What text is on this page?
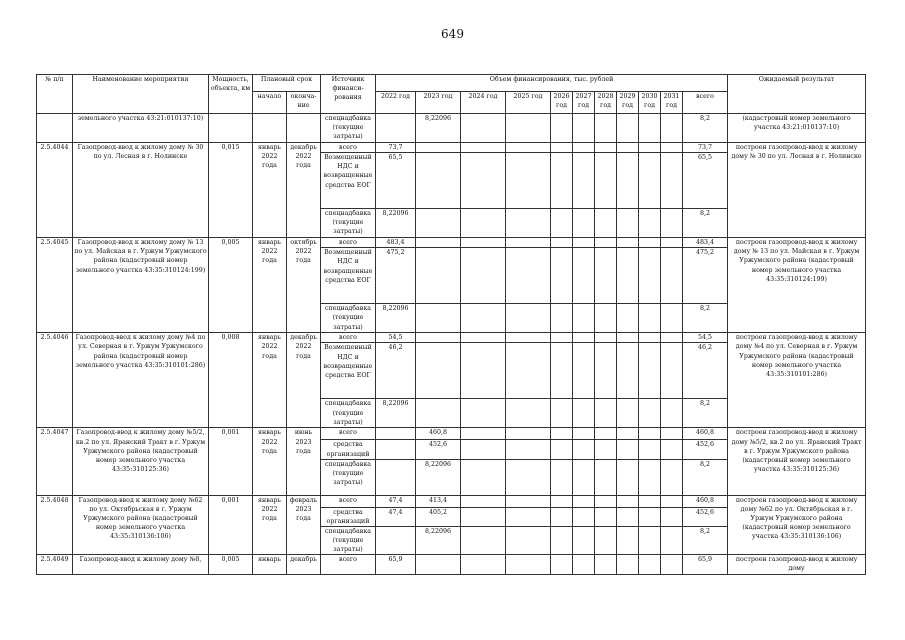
649
№ п/п	Наименование мероприятия	Мощность, объекта, км	Плановый срок		Источник финанси-рования	Объем финансирования, тыс. рублей											Ожидаемый результат
			начало	оконча-ние		2022 год	2023 год	2024 год	2025 год	2026 год	2027 год	2028 год	2029 год	2030 год	2031 год	всего	
	земельного участка 43:21:010137:10)				спецнадбавка (текущие затраты)		8,22096									8,2	(кадастровый номер земельного участка 43:21:010137:10)
2.5.4044	Газопровод-ввод к жилому дому № 30 по ул. Лесная в г. Нолинске	0,015	январь 2022 года	декабрь 2022 года	всего	73,7										73,7	построен газопровод-ввод к жилому дому № 30 по ул. Лесная в г. Нолинске
					Возмещенный НДС и возвращенные средства ЕОГ	65,5										65,5	
					спецнадбавка (текущие затраты)	8,22096										8,2	
2.5.4045	Газопровод-ввод к жилому дому № 13 по ул. Майская в г. Уржум Уржумского района (кадастровый номер земельного участка 43:35:310124:199)	0,005	январь 2022 года	октябрь 2022 года	всего	483,4										483,4	построен газопровод-ввод к жилому дому № 13 по ул. Майская в г. Уржум Уржумского района (кадастровый номер земельного участка 43:35:310124:199)
					Возмещенный НДС и возвращенные средства ЕОГ	475,2										475,2	
					спецнадбавка (текущие затраты)	8,22096										8,2	
2.5.4046	Газопровод-ввод к жилому дому №4 по ул. Северная в г. Уржум Уржумского района (кадастровый номер земельного участка 43:35:310101:286)	0,008	январь 2022 года	декабрь 2022 года	всего	54,5										54,5	построен газопровод-ввод к жилому дому №4 по ул. Северная в г. Уржум Уржумского района (кадастровый номер земельного участка 43:35:310101:286)
					Возмещенный НДС и возвращенные средства ЕОГ	46,2										46,2	
					спецнадбавка (текущие затраты)	8,22096										8,2	
2.5.4047	Газопровод-ввод к жилому дому №5/2, кв.2 по ул. Яранский Тракт в г. Уржум Уржумского района (кадастровый номер земельного участка 43:35:310125:36)	0,001	январь 2022 года	июнь 2023 года	всего		460,8									460,8	построен газопровод-ввод к жилому дому №5/2, кв.2 по ул. Яранский Тракт в г. Уржум Уржумского района (кадастровый номер земельного участка 43:35:310125:36)
					средства организаций		452,6									452,6	
					спецнадбавка (текущие затраты)		8,22096									8,2	
2.5.4048	Газопровод-ввод к жилому дому №62 по ул. Октябрьская в г. Уржум Уржумского района (кадастровый номер земельного участка 43:35:310136:106)	0,001	январь 2022 года	февраль 2023 года	всего	47,4	413,4									460,8	построен газопровод-ввод к жилому дому №62 по ул. Октябрьская в г. Уржум Уржумского района (кадастровый номер земельного участка 43:35:310136:106)
					средства организаций	47,4	405,2									452,6	
					спецнадбавка (текущие затраты)		8,22096									8,2	
2.5.4049	Газопровод-ввод к жилому дому №8,	0,005	январь	декабрь	всего	65,9										65,9	построен газопровод-ввод к жилому дому
